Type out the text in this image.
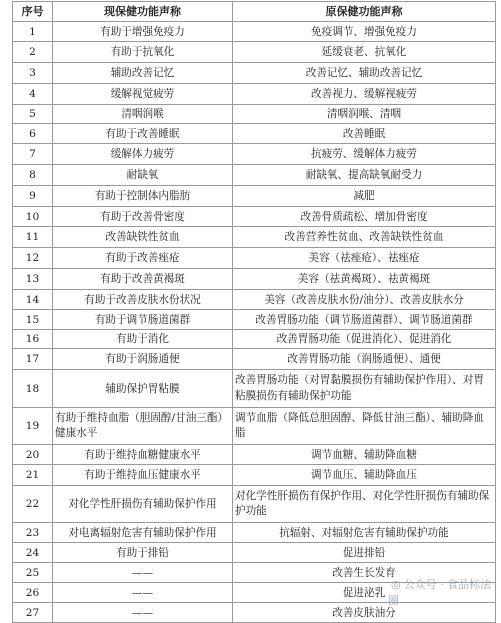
序号	现保健功能声称	原保健功能声称
1	有助于增强免疫力	免疫调节、增强免疫力
2	有助于抗氧化	延缓衰老、抗氧化
3	辅助改善记忆	改善记忆、辅助改善记忆
4	缓解视觉疲劳	改善视力、缓解视疲劳
5	清咽润喉	清咽润喉、清咽
6	有助于改善睡眠	改善睡眠
7	缓解体力疲劳	抗疲劳、缓解体力疲劳
8	耐缺氧	耐缺氧、提高缺氧耐受力
9	有助于控制体内脂肪	减肥
10	有助于改善骨密度	改善骨质疏松、增加骨密度
11	改善缺铁性贫血	改善营养性贫血、改善缺铁性贫血
12	有助于改善痤疮	美容（祛痤疮）、祛痤疮
13	有助于改善黄褐斑	美容（祛黄褐斑）、祛黄褐斑
14	有助于改善皮肤水份状况	美容（改善皮肤水份/油分）、改善皮肤水分
15	有助于调节肠道菌群	改善胃肠功能（调节肠道菌群）、调节肠道菌群
16	有助于消化	改善胃肠功能（促进消化）、促进消化
17	有助于润肠通便	改善胃肠功能（润肠通便）、通便
18	辅助保护胃粘膜	改善胃肠功能（对胃黏膜损伤有辅助保护作用）、对胃粘膜损伤有辅助保护功能
19	有助于维持血脂（胆固醇/甘油三酯）健康水平	调节血脂（降低总胆固醇、降低甘油三酯）、辅助降血脂
20	有助于维持血糖健康水平	调节血糖、辅助降血糖
21	有助于维持血压健康水平	调节血压、辅助降血压
22	对化学性肝损伤有辅助保护作用	对化学性肝损伤有保护作用、对化学性肝损伤有辅助保护功能
23	对电离辐射危害有辅助保护作用	抗辐射、对辐射危害有辅助保护功能
24	有助于排铅	促进排铅
25	——	改善生长发育
26	——	促进泌乳
27	——	改善皮肤油分
◎ 公众号 · 食品标法圈
